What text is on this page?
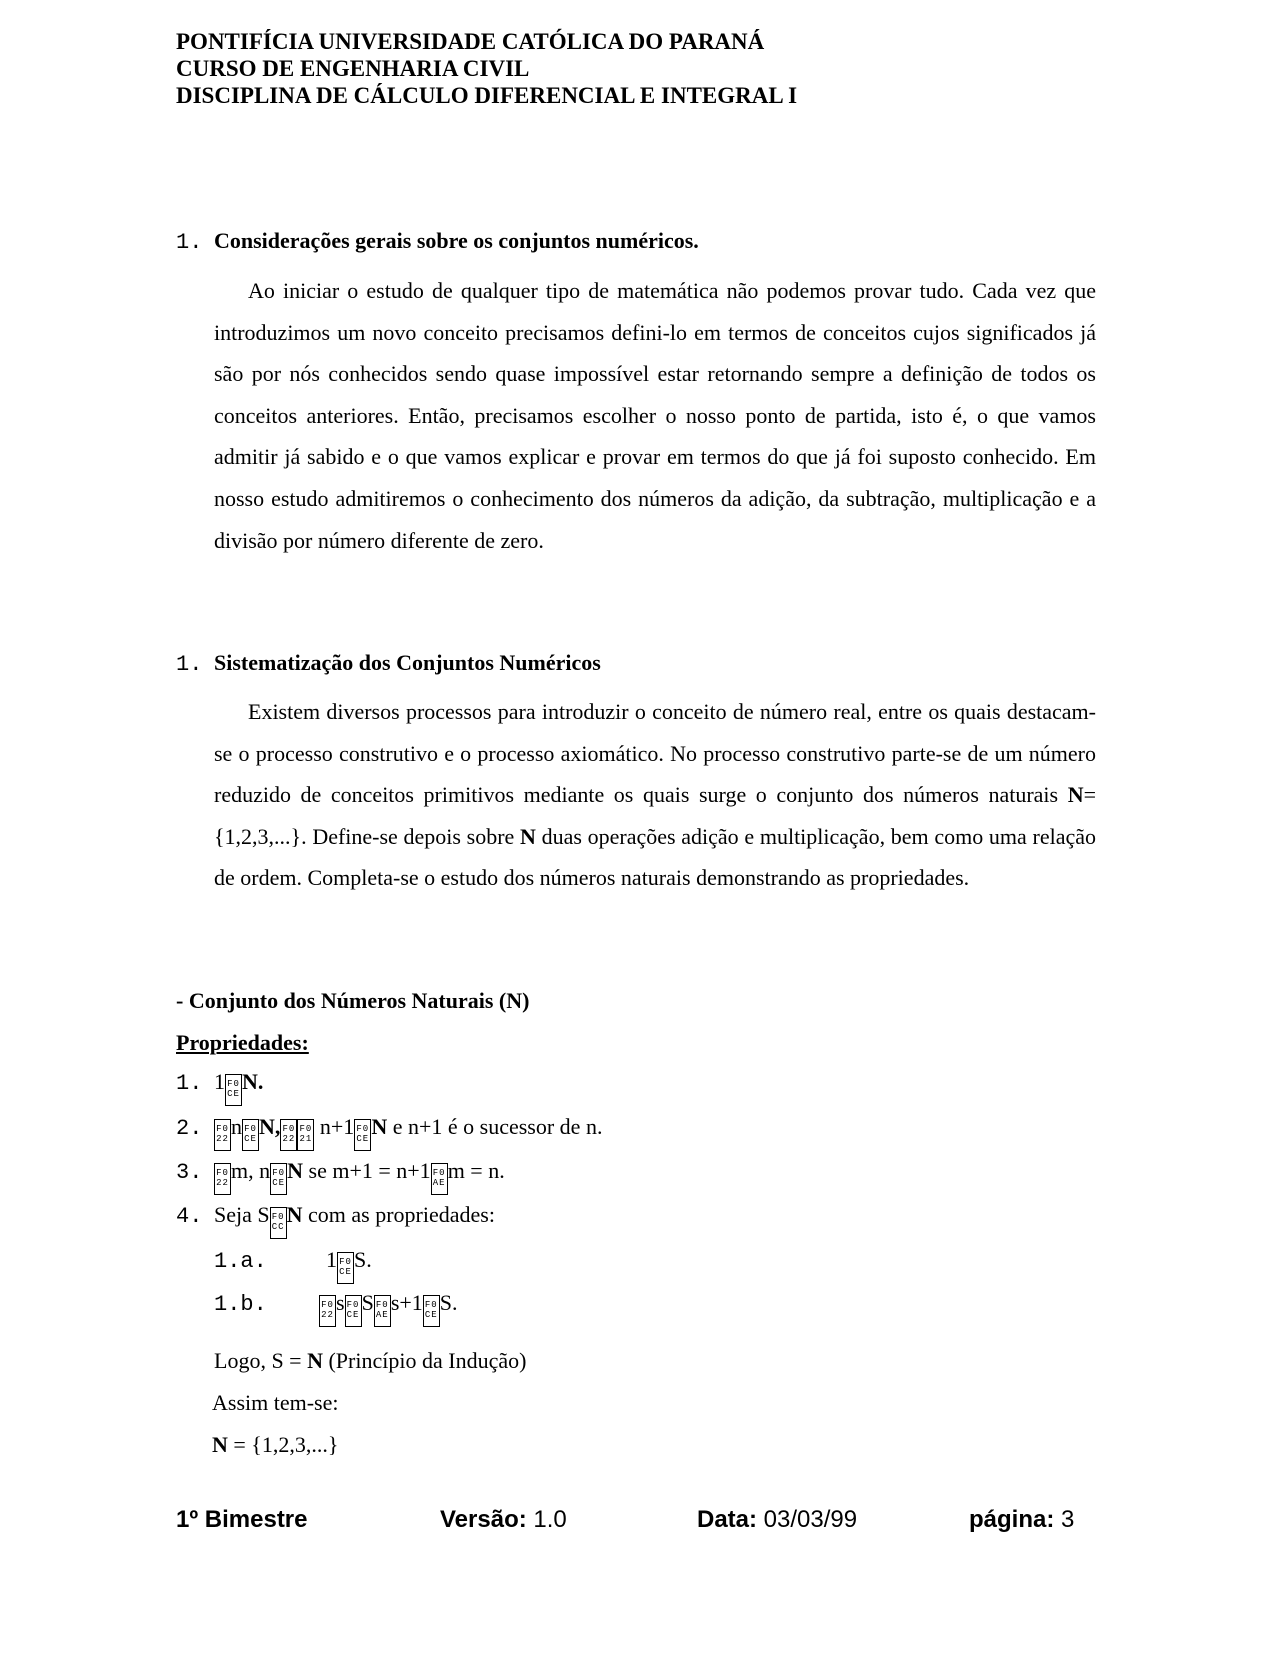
PONTIFÍCIA UNIVERSIDADE CATÓLICA DO PARANÁ
CURSO DE ENGENHARIA CIVIL
DISCIPLINA DE CÁLCULO DIFERENCIAL E INTEGRAL I
1. Considerações gerais sobre os conjuntos numéricos.
Ao iniciar o estudo de qualquer tipo de matemática não podemos provar tudo. Cada vez que introduzimos um novo conceito precisamos defini-lo em termos de conceitos cujos significados já são por nós conhecidos sendo quase impossível estar retornando sempre a definição de todos os conceitos anteriores. Então, precisamos escolher o nosso ponto de partida, isto é, o que vamos admitir já sabido e o que vamos explicar e provar em termos do que já foi suposto conhecido. Em nosso estudo admitiremos o conhecimento dos números da adição, da subtração, multiplicação e a divisão por número diferente de zero.
1. Sistematização dos Conjuntos Numéricos
Existem diversos processos para introduzir o conceito de número real, entre os quais destacam-se o processo construtivo e o processo axiomático. No processo construtivo parte-se de um número reduzido de conceitos primitivos mediante os quais surge o conjunto dos números naturais N={1,2,3,...}. Define-se depois sobre N duas operações adição e multiplicação, bem como uma relação de ordem. Completa-se o estudo dos números naturais demonstrando as propriedades.
- Conjunto dos Números Naturais (N)
Propriedades:
1. 1 F0
CE N.
2. F0
22 n F0
CE N, F0
22
F0
21 n+1 F0
CE N e n+1 é o sucessor de n.
3. F0
22 m, n F0
CE N se m+1 = n+1 F0
AE m = n.
4. Seja S F0
CC N com as propriedades:
1.a.	1 F0
CE S.
1.b.	F0
22 s F0
CE S F0
AE s+1 F0
CE S.
Logo, S = N (Princípio da Indução)
Assim tem-se:
N = {1,2,3,...}
1º Bimestre	Versão: 1.0	Data: 03/03/99	página: 3
